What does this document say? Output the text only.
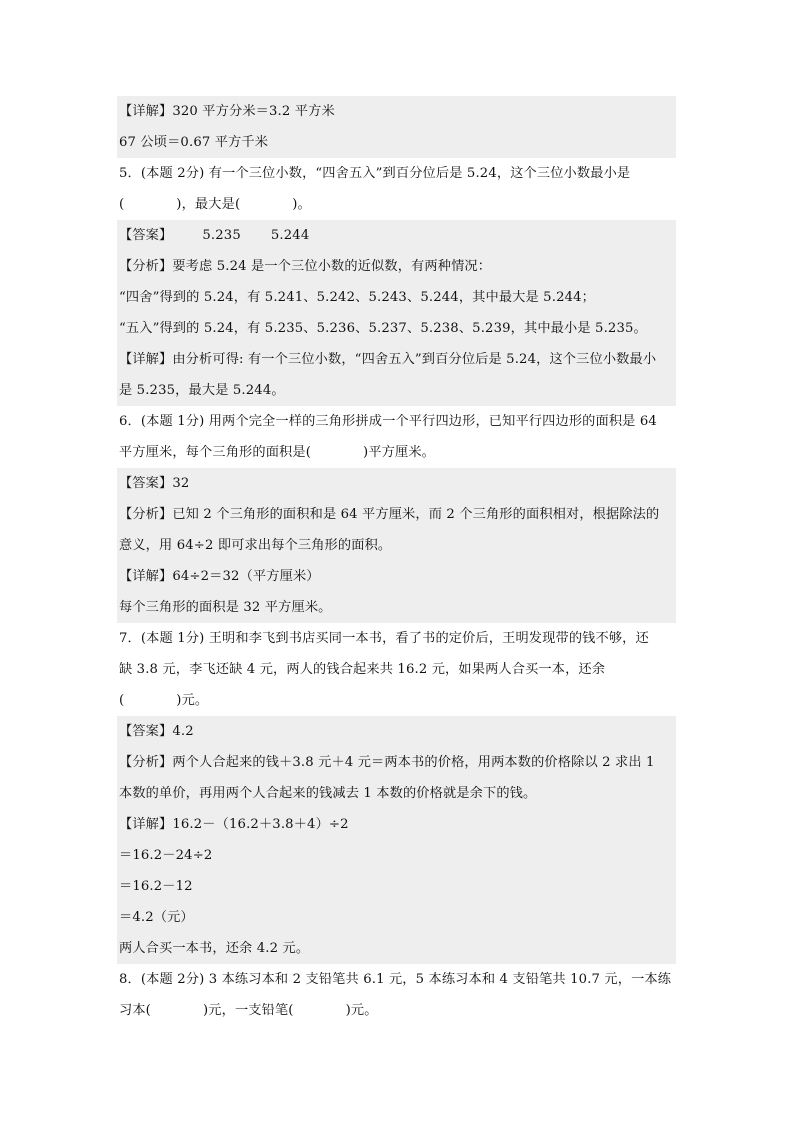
【详解】320 平方分米＝3.2 平方米
67 公顷＝0.67 平方千米
5．(本题 2分) 有一个三位小数，“四舍五入”到百分位后是 5.24，这个三位小数最小是
(	)，最大是(	)。
【答案】 5.235 5.244
【分析】要考虑 5.24 是一个三位小数的近似数，有两种情况：
“四舍”得到的 5.24，有 5.241、5.242、5.243、5.244，其中最大是 5.244；
“五入”得到的 5.24，有 5.235、5.236、5.237、5.238、5.239，其中最小是 5.235。
【详解】由分析可得: 有一个三位小数，“四舍五入”到百分位后是 5.24，这个三位小数最小
是 5.235，最大是 5.244。
6．(本题 1分) 用两个完全一样的三角形拼成一个平行四边形，已知平行四边形的面积是 64
平方厘米，每个三角形的面积是(	)平方厘米。
【答案】32
【分析】已知 2 个三角形的面积和是 64 平方厘米，而 2 个三角形的面积相对，根据除法的
意义，用 64÷2 即可求出每个三角形的面积。
【详解】64÷2＝32（平方厘米）
每个三角形的面积是 32 平方厘米。
7．(本题 1分) 王明和李飞到书店买同一本书，看了书的定价后，王明发现带的钱不够，还
缺 3.8 元，李飞还缺 4 元，两人的钱合起来共 16.2 元，如果两人合买一本，还余
(	)元。
【答案】4.2
【分析】两个人合起来的钱＋3.8 元＋4 元＝两本书的价格，用两本数的价格除以 2 求出 1
本数的单价，再用两个人合起来的钱减去 1 本数的价格就是余下的钱。
【详解】16.2－（16.2＋3.8＋4）÷2
＝16.2－24÷2
＝16.2－12
＝4.2（元）
两人合买一本书，还余 4.2 元。
8．(本题 2分) 3 本练习本和 2 支铅笔共 6.1 元，5 本练习本和 4 支铅笔共 10.7 元，一本练
习本(	)元，一支铅笔(	)元。
